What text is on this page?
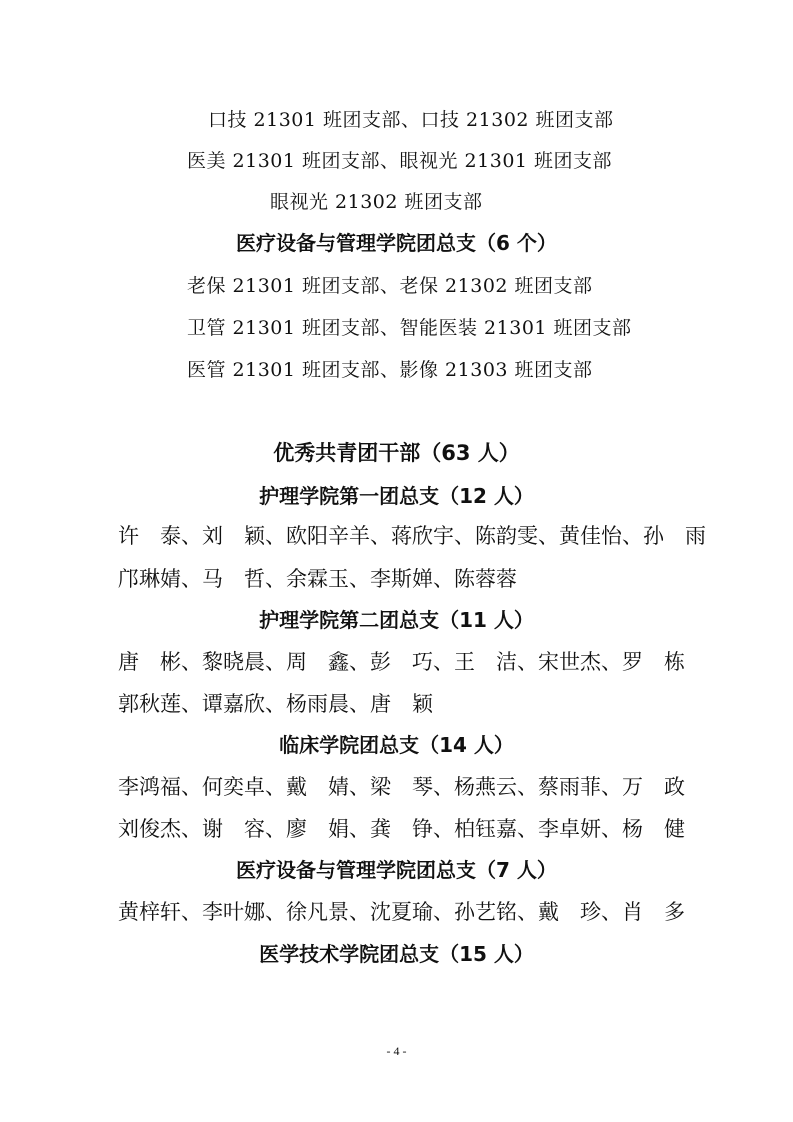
口技 21301 班团支部、口技 21302 班团支部
医美 21301 班团支部、眼视光 21301 班团支部
眼视光 21302 班团支部
医疗设备与管理学院团总支（6 个）
老保 21301 班团支部、老保 21302 班团支部
卫管 21301 班团支部、智能医装 21301 班团支部
医管 21301 班团支部、影像 21303 班团支部
优秀共青团干部（63 人）
护理学院第一团总支（12 人）
许　泰、刘　颖、欧阳辛羊、蒋欣宇、陈韵雯、黄佳怡、孙　雨
邝琳婧、马　哲、余霖玉、李斯婵、陈蓉蓉
护理学院第二团总支（11 人）
唐　彬、黎晓晨、周　鑫、彭　巧、王　洁、宋世杰、罗　栋
郭秋莲、谭嘉欣、杨雨晨、唐　颖
临床学院团总支（14 人）
李鸿福、何奕卓、戴　婧、梁　琴、杨燕云、蔡雨菲、万　政
刘俊杰、谢　容、廖　娟、龚　铮、柏钰嘉、李卓妍、杨　健
医疗设备与管理学院团总支（7 人）
黄梓轩、李叶娜、徐凡景、沈夏瑜、孙艺铭、戴　珍、肖　多
医学技术学院团总支（15 人）
- 4 -
